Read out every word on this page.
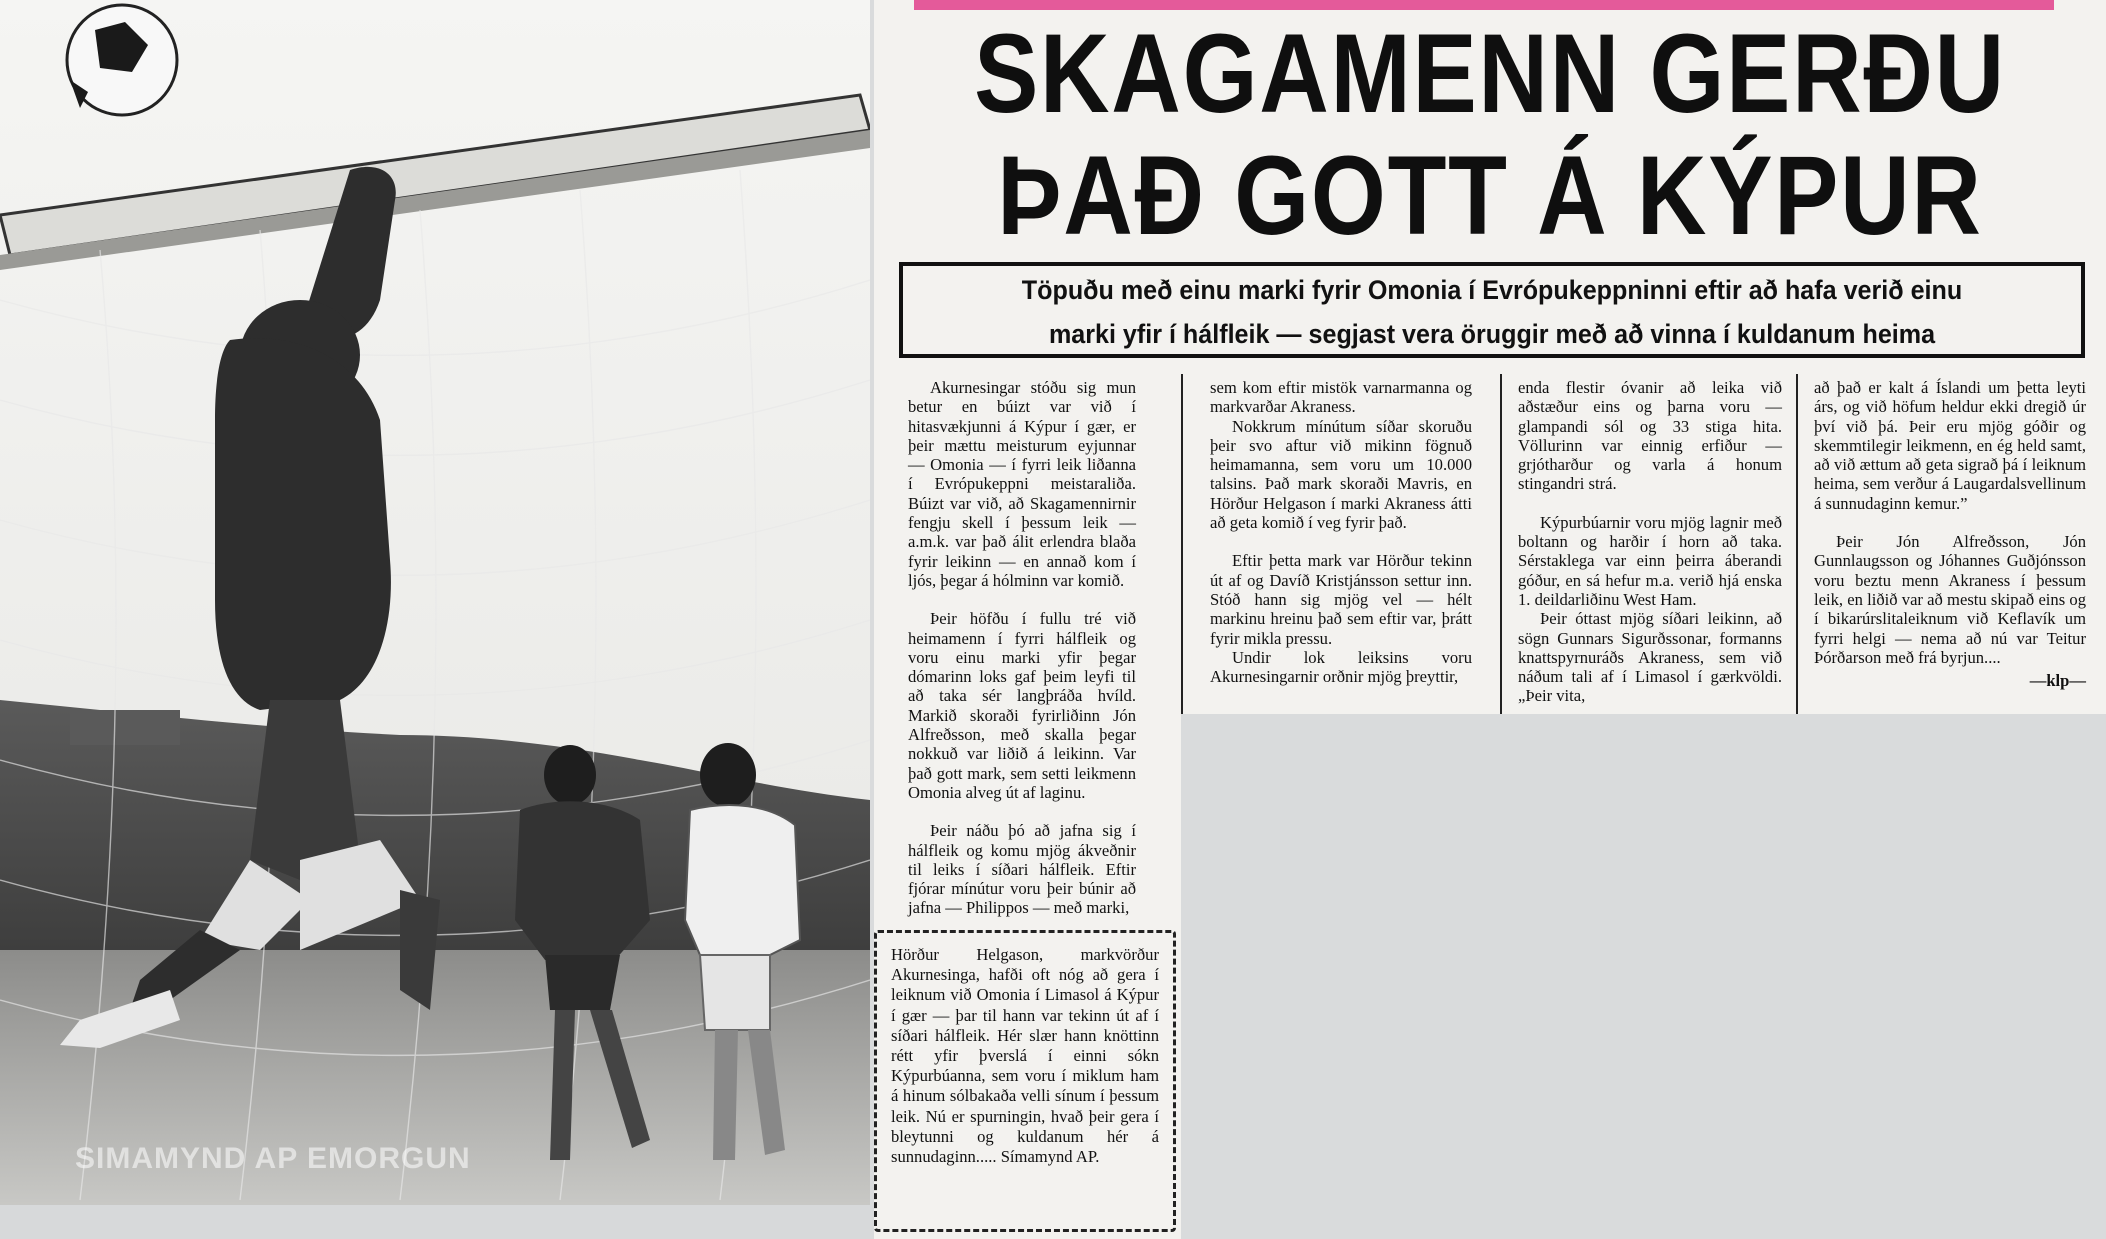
SIMAMYND AP EMORGUN
SKAGAMENN GERÐU
ÞAÐ GOTT Á KÝPUR
Töpuðu með einu marki fyrir Omonia í Evrópukeppninni eftir að hafa verið einu
marki yfir í hálfleik — segjast vera öruggir með að vinna í kuldanum heima

Akurnesingar stóðu sig mun betur en búizt var við í hitasvækjunni á Kýpur í gær, er þeir mættu meisturum eyjunnar — Omonia — í fyrri leik liðanna í Evrópukeppni meistaraliða. Búizt var við, að Skagamennirnir fengju skell í þessum leik — a.m.k. var það álit erlendra blaða fyrir leikinn — en annað kom í ljós, þegar á hólminn var komið.

Þeir höfðu í fullu tré við heimamenn í fyrri hálfleik og voru einu marki yfir þegar dómarinn loks gaf þeim leyfi til að taka sér langþráða hvíld. Markið skoraði fyrirliðinn Jón Alfreðsson, með skalla þegar nokkuð var liðið á leikinn. Var það gott mark, sem setti leikmenn Omonia alveg út af laginu.

Þeir náðu þó að jafna sig í hálfleik og komu mjög ákveðnir til leiks í síðari hálfleik. Eftir fjórar mínútur voru þeir búnir að jafna — Philippos — með marki,

sem kom eftir mistök varnarmanna og markvarðar Akraness.

Nokkrum mínútum síðar skoruðu þeir svo aftur við mikinn fögnuð heimamanna, sem voru um 10.000 talsins. Það mark skoraði Mavris, en Hörður Helgason í marki Akraness átti að geta komið í veg fyrir það.

Eftir þetta mark var Hörður tekinn út af og Davíð Kristjánsson settur inn. Stóð hann sig mjög vel — hélt markinu hreinu það sem eftir var, þrátt fyrir mikla pressu.

Undir lok leiksins voru Akurnesingarnir orðnir mjög þreyttir,

enda flestir óvanir að leika við aðstæður eins og þarna voru — glampandi sól og 33 stiga hita. Völlurinn var einnig erfiður — grjótharður og varla á honum stingandri strá.

Kýpurbúarnir voru mjög lagnir með boltann og harðir í horn að taka. Sérstaklega var einn þeirra áberandi góður, en sá hefur m.a. verið hjá enska 1. deildarliðinu West Ham.

Þeir óttast mjög síðari leikinn, að sögn Gunnars Sigurðssonar, formanns knattspyrnuráðs Akraness, sem við náðum tali af í Limasol í gærkvöldi. „Þeir vita,

að það er kalt á Íslandi um þetta leyti árs, og við höfum heldur ekki dregið úr því við þá. Þeir eru mjög góðir og skemmtilegir leikmenn, en ég held samt, að við ættum að geta sigrað þá í leiknum heima, sem verður á Laugardalsvellinum á sunnudaginn kemur.”

Þeir Jón Alfreðsson, Jón Gunnlaugsson og Jóhannes Guðjónsson voru beztu menn Akraness í þessum leik, en liðið var að mestu skipað eins og í bikarúrslitaleiknum við Keflavík um fyrri helgi — nema að nú var Teitur Þórðarson með frá byrjun....

—klp—

Hörður Helgason, markvörður Akurnesinga, hafði oft nóg að gera í leiknum við Omonia í Limasol á Kýpur í gær — þar til hann var tekinn út af í síðari hálfleik. Hér slær hann knöttinn rétt yfir þverslá í einni sókn Kýpurbúanna, sem voru í miklum ham á hinum sólbakaða velli sínum í þessum leik. Nú er spurningin, hvað þeir gera í bleytunni og kuldanum hér á sunnudaginn..... Símamynd AP.
